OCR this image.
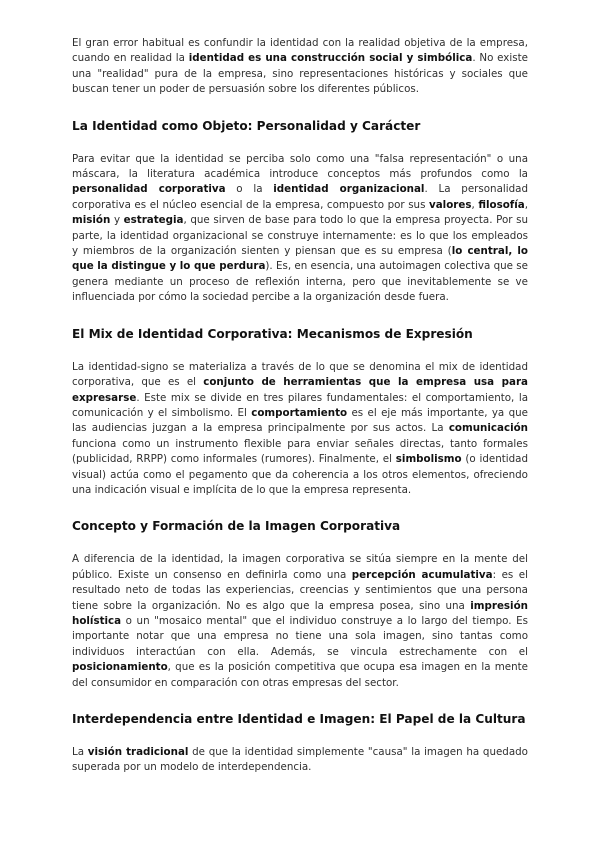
El gran error habitual es confundir la identidad con la realidad objetiva de la empresa, cuando en realidad la identidad es una construcción social y simbólica. No existe una "realidad" pura de la empresa, sino representaciones históricas y sociales que buscan tener un poder de persuasión sobre los diferentes públicos.

La Identidad como Objeto: Personalidad y Carácter

Para evitar que la identidad se perciba solo como una "falsa representación" o una máscara, la literatura académica introduce conceptos más profundos como la personalidad corporativa o la identidad organizacional. La personalidad corporativa es el núcleo esencial de la empresa, compuesto por sus valores, filosofía, misión y estrategia, que sirven de base para todo lo que la empresa proyecta. Por su parte, la identidad organizacional se construye internamente: es lo que los empleados y miembros de la organización sienten y piensan que es su empresa (lo central, lo que la distingue y lo que perdura). Es, en esencia, una autoimagen colectiva que se genera mediante un proceso de reflexión interna, pero que inevitablemente se ve influenciada por cómo la sociedad percibe a la organización desde fuera.

El Mix de Identidad Corporativa: Mecanismos de Expresión

La identidad-signo se materializa a través de lo que se denomina el mix de identidad corporativa, que es el conjunto de herramientas que la empresa usa para expresarse. Este mix se divide en tres pilares fundamentales: el comportamiento, la comunicación y el simbolismo. El comportamiento es el eje más importante, ya que las audiencias juzgan a la empresa principalmente por sus actos. La comunicación funciona como un instrumento flexible para enviar señales directas, tanto formales (publicidad, RRPP) como informales (rumores). Finalmente, el simbolismo (o identidad visual) actúa como el pegamento que da coherencia a los otros elementos, ofreciendo una indicación visual e implícita de lo que la empresa representa.

Concepto y Formación de la Imagen Corporativa

A diferencia de la identidad, la imagen corporativa se sitúa siempre en la mente del público. Existe un consenso en definirla como una percepción acumulativa: es el resultado neto de todas las experiencias, creencias y sentimientos que una persona tiene sobre la organización. No es algo que la empresa posea, sino una impresión holística o un "mosaico mental" que el individuo construye a lo largo del tiempo. Es importante notar que una empresa no tiene una sola imagen, sino tantas como individuos interactúan con ella. Además, se vincula estrechamente con el posicionamiento, que es la posición competitiva que ocupa esa imagen en la mente del consumidor en comparación con otras empresas del sector.

Interdependencia entre Identidad e Imagen: El Papel de la Cultura

La visión tradicional de que la identidad simplemente "causa" la imagen ha quedado superada por un modelo de interdependencia.
